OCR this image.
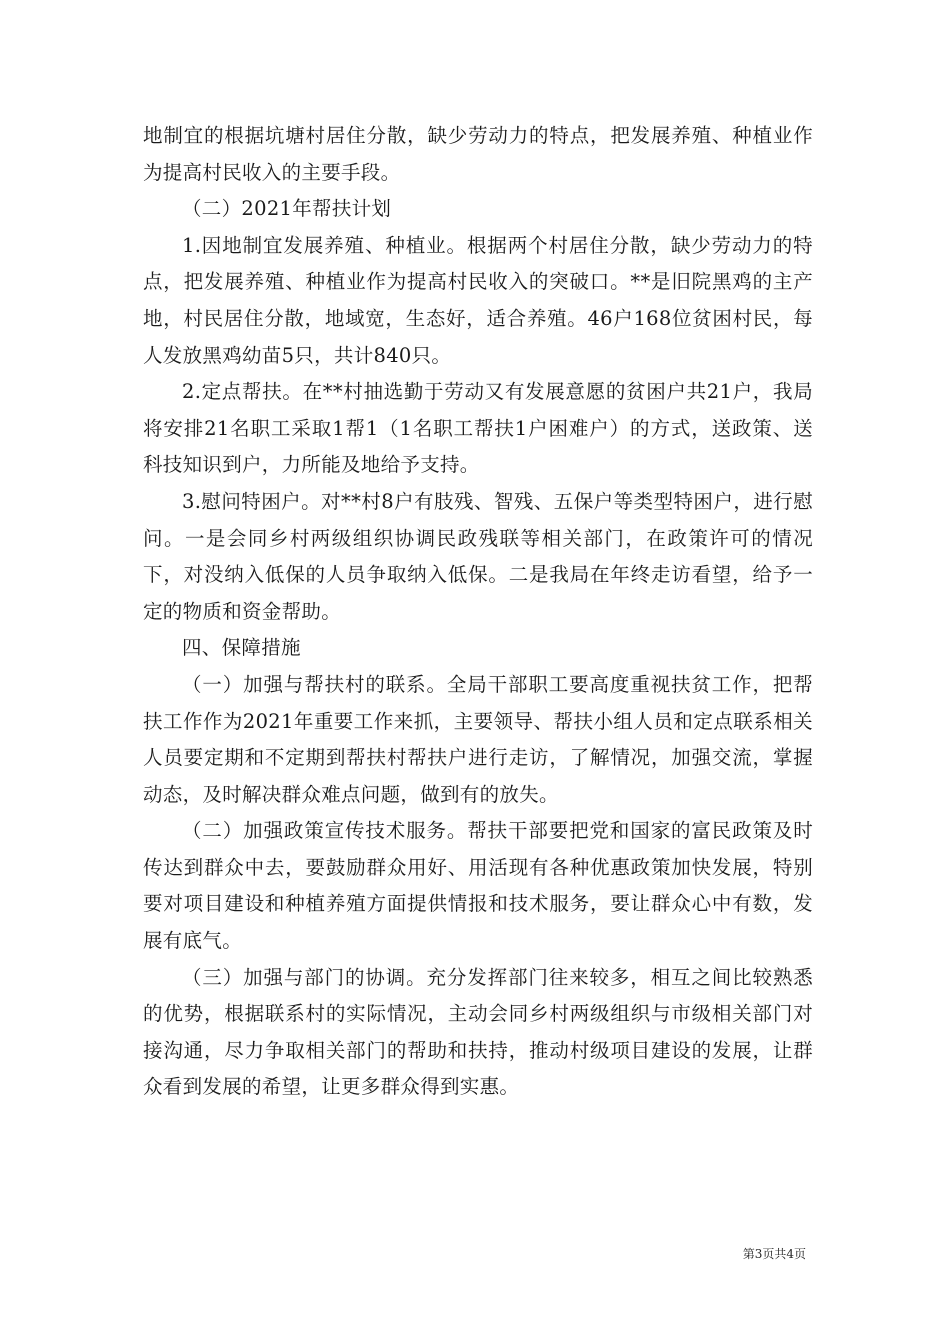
地制宜的根据坑塘村居住分散，缺少劳动力的特点，把发展养殖、种植业作为提高村民收入的主要手段。

（二）2021年帮扶计划

1.因地制宜发展养殖、种植业。根据两个村居住分散，缺少劳动力的特点，把发展养殖、种植业作为提高村民收入的突破口。**是旧院黑鸡的主产地，村民居住分散，地域宽，生态好，适合养殖。46户168位贫困村民，每人发放黑鸡幼苗5只，共计840只。

2.定点帮扶。在**村抽选勤于劳动又有发展意愿的贫困户共21户，我局将安排21名职工采取1帮1（1名职工帮扶1户困难户）的方式，送政策、送科技知识到户，力所能及地给予支持。

3.慰问特困户。对**村8户有肢残、智残、五保户等类型特困户，进行慰问。一是会同乡村两级组织协调民政残联等相关部门，在政策许可的情况下，对没纳入低保的人员争取纳入低保。二是我局在年终走访看望，给予一定的物质和资金帮助。

四、保障措施

（一）加强与帮扶村的联系。全局干部职工要高度重视扶贫工作，把帮扶工作作为2021年重要工作来抓，主要领导、帮扶小组人员和定点联系相关人员要定期和不定期到帮扶村帮扶户进行走访，了解情况，加强交流，掌握动态，及时解决群众难点问题，做到有的放失。

（二）加强政策宣传技术服务。帮扶干部要把党和国家的富民政策及时传达到群众中去，要鼓励群众用好、用活现有各种优惠政策加快发展，特别要对项目建设和种植养殖方面提供情报和技术服务，要让群众心中有数，发展有底气。

（三）加强与部门的协调。充分发挥部门往来较多，相互之间比较熟悉的优势，根据联系村的实际情况，主动会同乡村两级组织与市级相关部门对接沟通，尽力争取相关部门的帮助和扶持，推动村级项目建设的发展，让群众看到发展的希望，让更多群众得到实惠。

第3页共4页
